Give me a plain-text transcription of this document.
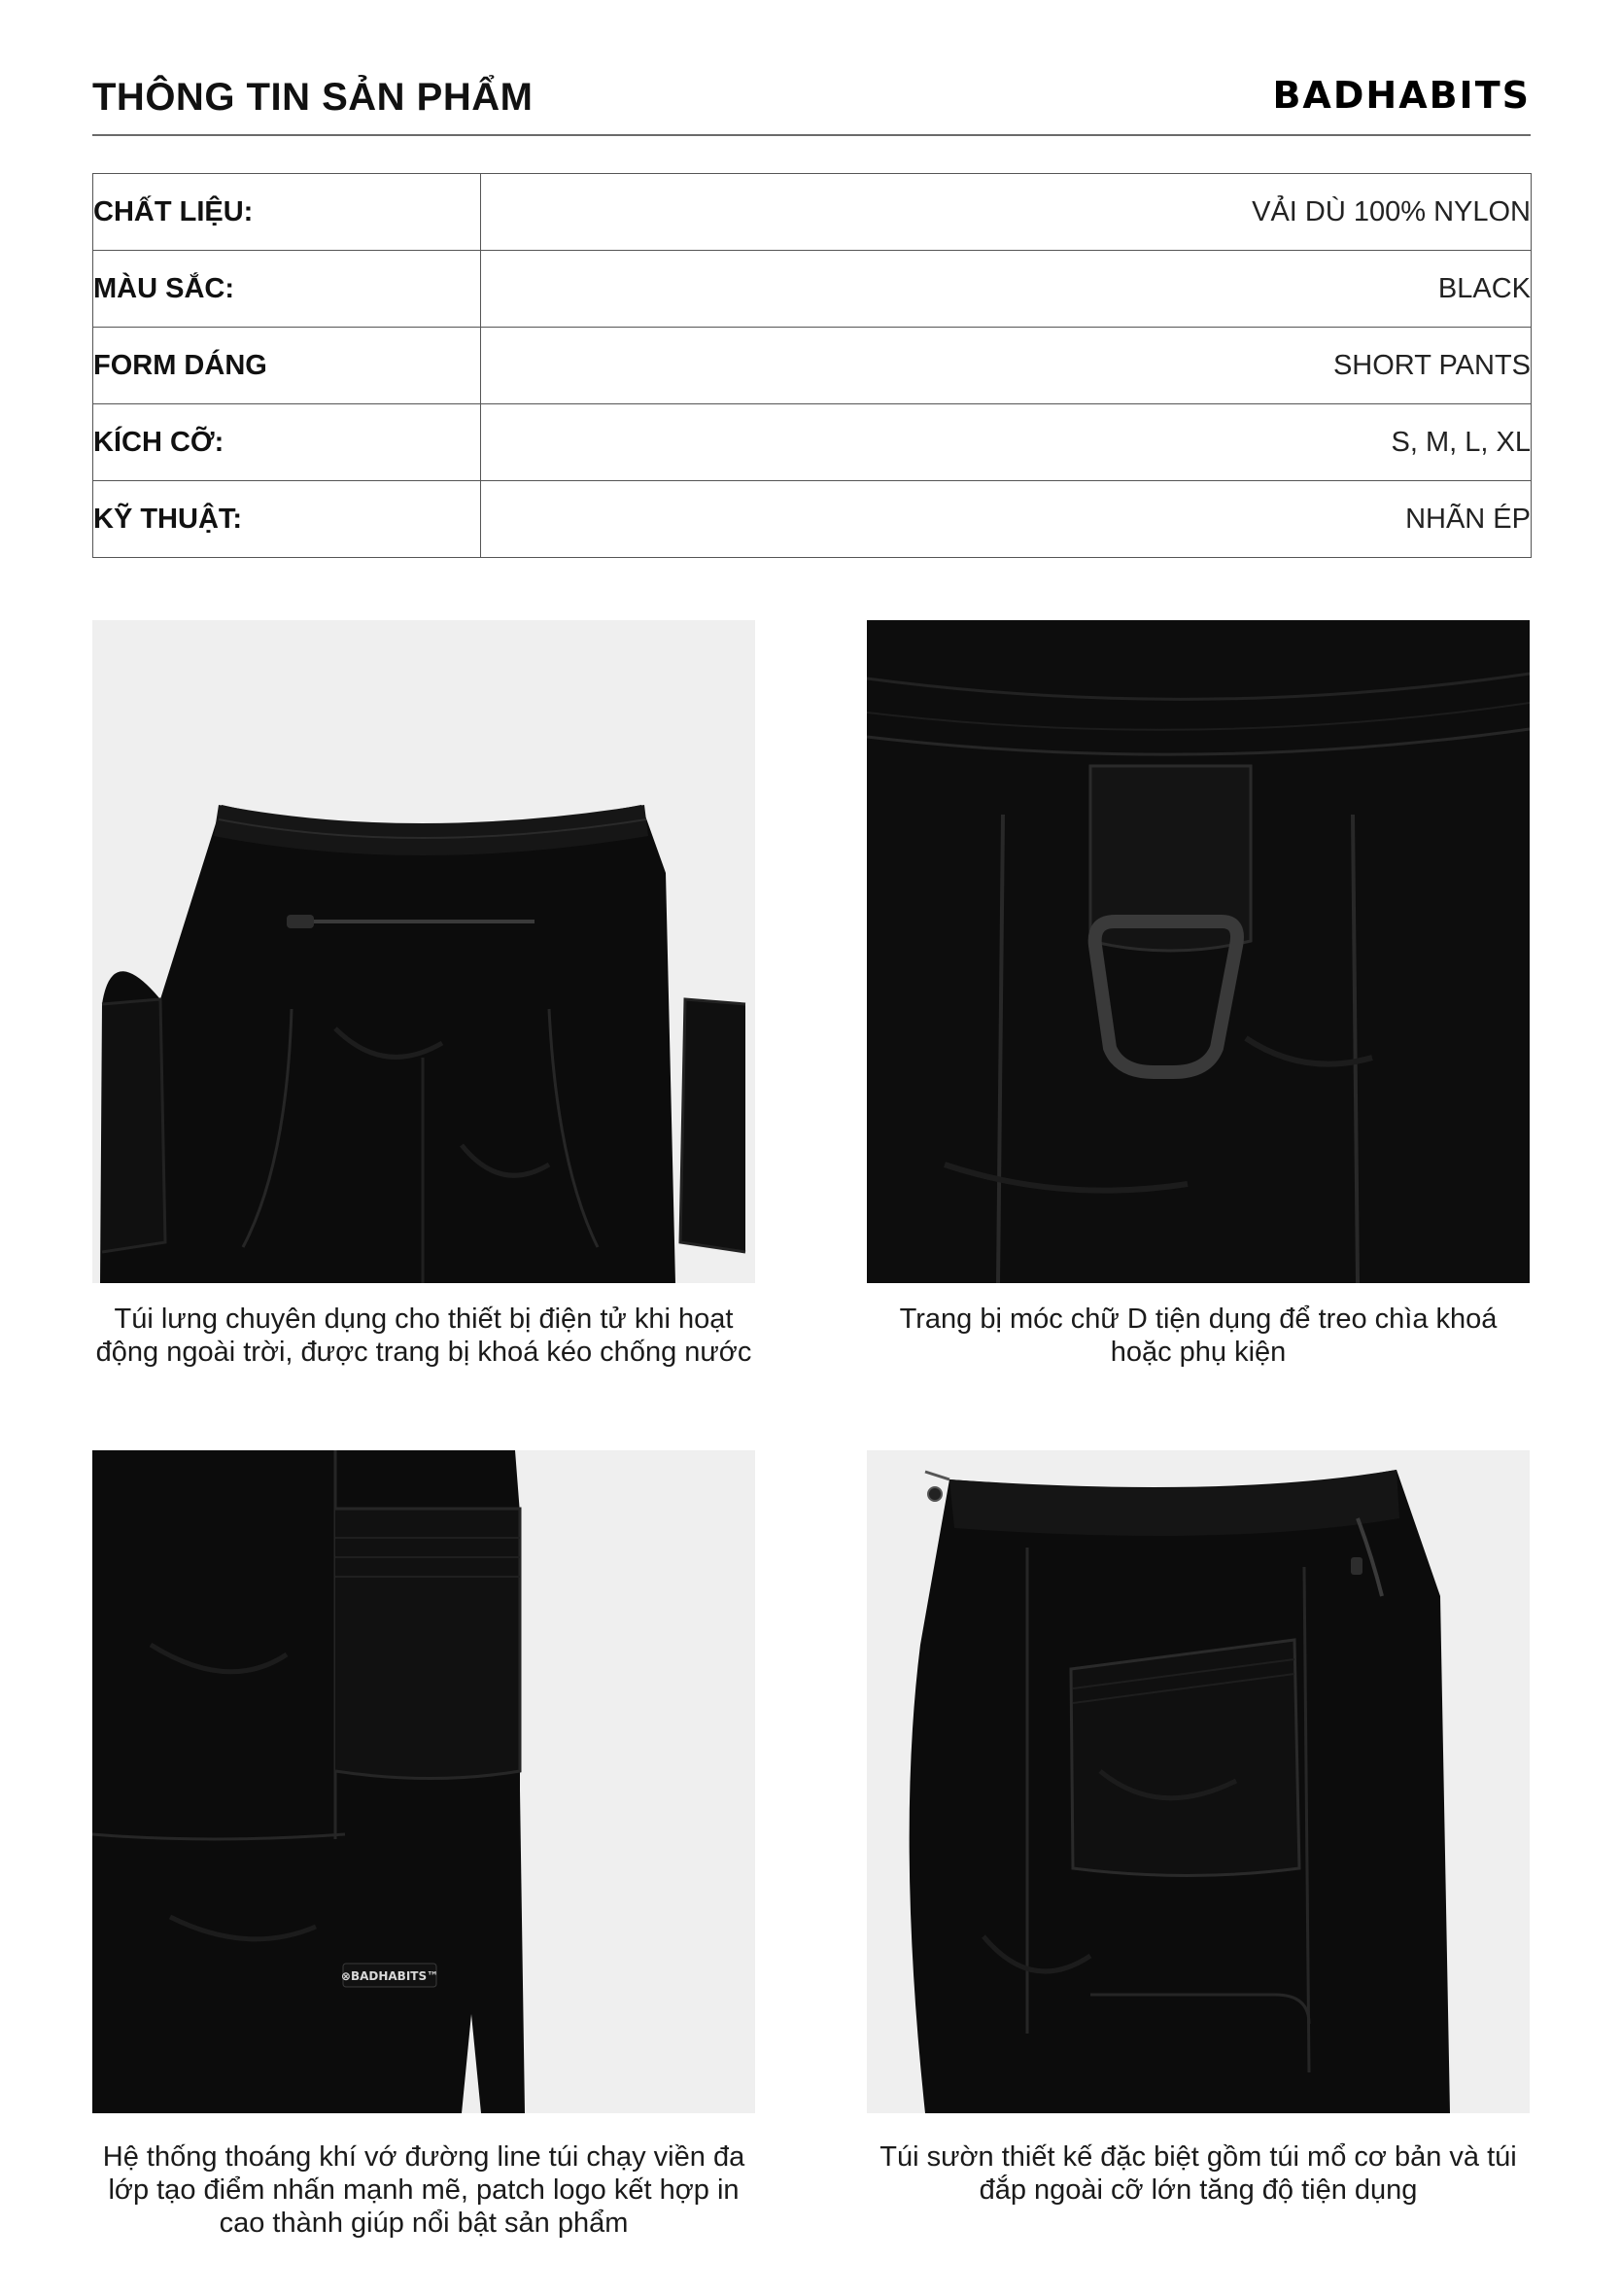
THÔNG TIN SẢN PHẨM	BADHABITS
CHẤT LIỆU:	VẢI DÙ 100% NYLON
MÀU SẮC:	BLACK
FORM DÁNG	SHORT PANTS
KÍCH CỠ:	S, M, L, XL
KỸ THUẬT:	NHÃN ÉP
⊗BADHABITS™
Túi lưng chuyên dụng cho thiết bị điện tử khi hoạt
động ngoài trời, được trang bị khoá kéo chống nước
Trang bị móc chữ D tiện dụng để treo chìa khoá
hoặc phụ kiện
Hệ thống thoáng khí vớ đường line túi chạy viền đa
lớp tạo điểm nhấn mạnh mẽ, patch logo kết hợp in
cao thành giúp nổi bật sản phẩm
Túi sườn thiết kế đặc biệt gồm túi mổ cơ bản và túi
đắp ngoài cỡ lớn tăng độ tiện dụng
